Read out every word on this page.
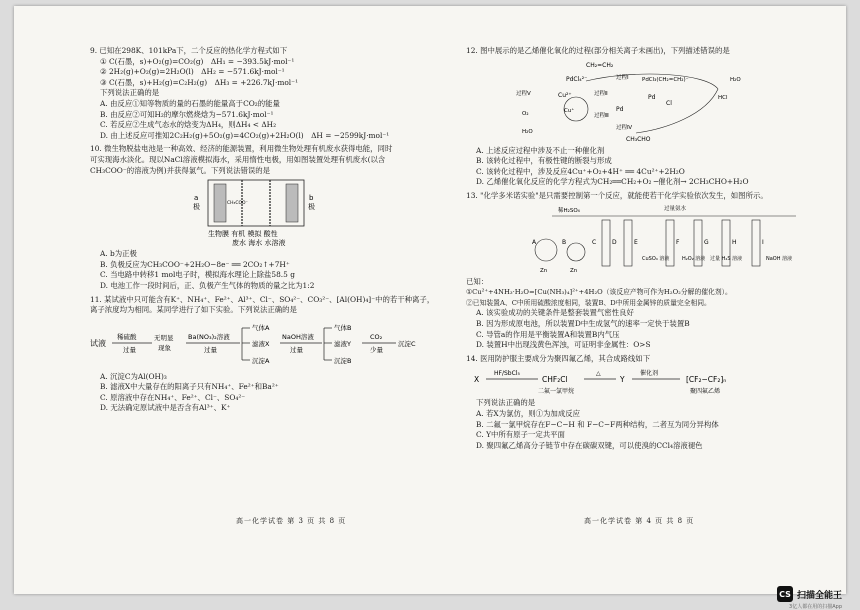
9. 已知在298K、101kPa下，二个反应的热化学方程式如下
① C(石墨，s)+O₂(g)=CO₂(g)　ΔH₁ = −393.5kJ·mol⁻¹
② 2H₂(g)+O₂(g)=2H₂O(l)　ΔH₂ = −571.6kJ·mol⁻¹
③ C(石墨，s)+H₂(g)=C₂H₂(g)　ΔH₃ = +226.7kJ·mol⁻¹
下列说法正确的是
A. 由反应①知等物质的量的石墨的能量高于CO₂的能量
B. 由反应②可知H₂的摩尔燃烧焓为−571.6kJ·mol⁻¹
C. 若反应②生成气态水的焓变为ΔH₄，则ΔH₄ < ΔH₂
D. 由上述反应可推知2C₂H₂(g)+5O₂(g)=4CO₂(g)+2H₂O(l)　ΔH = −2599kJ·mol⁻¹
10. 微生物脱盐电池是一种高效、经济的能源装置，利用微生物处理有机废水获得电能，同时
可实现海水淡化。现以NaCl溶液模拟海水，采用惰性电极，用如图装置处理有机废水(以含
CH₃COO⁻的溶液为例)并获得氯气。下列说法错误的是
a
极
b
极
CH₃COO⁻
生物膜 有机 模拟 酸性
废水 海水 水溶液
A. b为正极
B. 负极反应为CH₃COO⁻+2H₂O−8e⁻ ══ 2CO₂↑+7H⁺
C. 当电路中转移1 mol电子时，模拟海水理论上除盐58.5 g
D. 电池工作一段时间后，正、负极产生气体的物质的量之比为1:2
11. 某试液中只可能含有K⁺、NH₄⁺、Fe²⁺、Al³⁺、Cl⁻、SO₄²⁻、CO₃²⁻、[Al(OH)₄]⁻中的若干种离子，
离子浓度均为相同。某同学进行了如下实验。下列说法正确的是
试液
稀硫酸
过量
无明显
现象
Ba(NO₃)₂溶液
过量
气体A
滤液X
沉淀A
NaOH溶液
过量
气体B
滤液Y
沉淀B
CO₂
少量
沉淀C
A. 沉淀C为Al(OH)₃
B. 滤液X中大量存在的阳离子只有NH₄⁺、Fe²⁺和Ba²⁺
C. 原溶液中存在NH₄⁺、Fe²⁺、Cl⁻、SO₄²⁻
D. 无法确定原试液中是否含有Al³⁺、K⁺
12. 图中展示的是乙烯催化氧化的过程(部分相关离子未画出)，下列描述错误的是
CH₂=CH₂
PdCl₄²⁻	过程Ⅰ PdCl₃(CH₂=CH₂)⁻	H₂O
过程Ⅴ	Cu²⁺	过程Ⅱ	Pd
Cl
HCl
Cu⁺
O₂	过程Ⅲ
Pd
H₂O
过程Ⅳ
CH₃CHO
A. 上述反应过程中涉及不止一种催化剂
B. 该转化过程中，有极性键的断裂与形成
C. 该转化过程中，涉及反应4Cu⁺+O₂+4H⁺ ══ 4Cu²⁺+2H₂O
D. 乙烯催化氧化反应的化学方程式为CH₂══CH₂+O₂ ─催化剂→ 2CH₃CHO+H₂O
13. "化学多米诺实验"是只需要控制第一个反应，就能使若干化学实验依次发生，如图所示。
稀H₂SO₄	过量氨水
A	B	C	D	E	F	G	H	I
Zn	Zn
CuSO₄ 溶液	H₂O₂ 溶液 过量 H₂S 溶液	NaOH 溶液
已知：
①Cu²⁺+4NH₃·H₂O=[Cu(NH₃)₄]²⁺+4H₂O（该反应产物可作为H₂O₂分解的催化剂）。
②已知装置A、C中所用硫酸浓度相同，装置B、D中所用金属锌的质量完全相同。
A. 该实验成功的关键条件是整套装置气密性良好
B. 因为形成原电池，所以装置D中生成氢气的速率一定快于装置B
C. 导管a的作用是平衡装置A和装置B内气压
D. 装置H中出现浅黄色浑浊，可证明非金属性：O>S
14. 医用防护服主要成分为聚四氟乙烯，其合成路线如下
X
HF/SbCl₅
CHF₂Cl
二氟一氯甲烷
△
Y
催化剂
[CF₂−CF₂]ₙ
聚四氟乙烯
下列说法正确的是
A. 若X为氯仿，则①为加成反应
B. 二氟一氯甲烷存在F−C−H 和 F−C−F两种结构，二者互为同分异构体
C. Y中所有原子一定共平面
D. 聚四氟乙烯高分子链节中存在碳碳双键，可以使溴的CCl₄溶液褪色
高一化学试卷 第 3 页 共 8 页	高一化学试卷 第 4 页 共 8 页
CS 扫描全能王
3亿人都在用的扫描App
